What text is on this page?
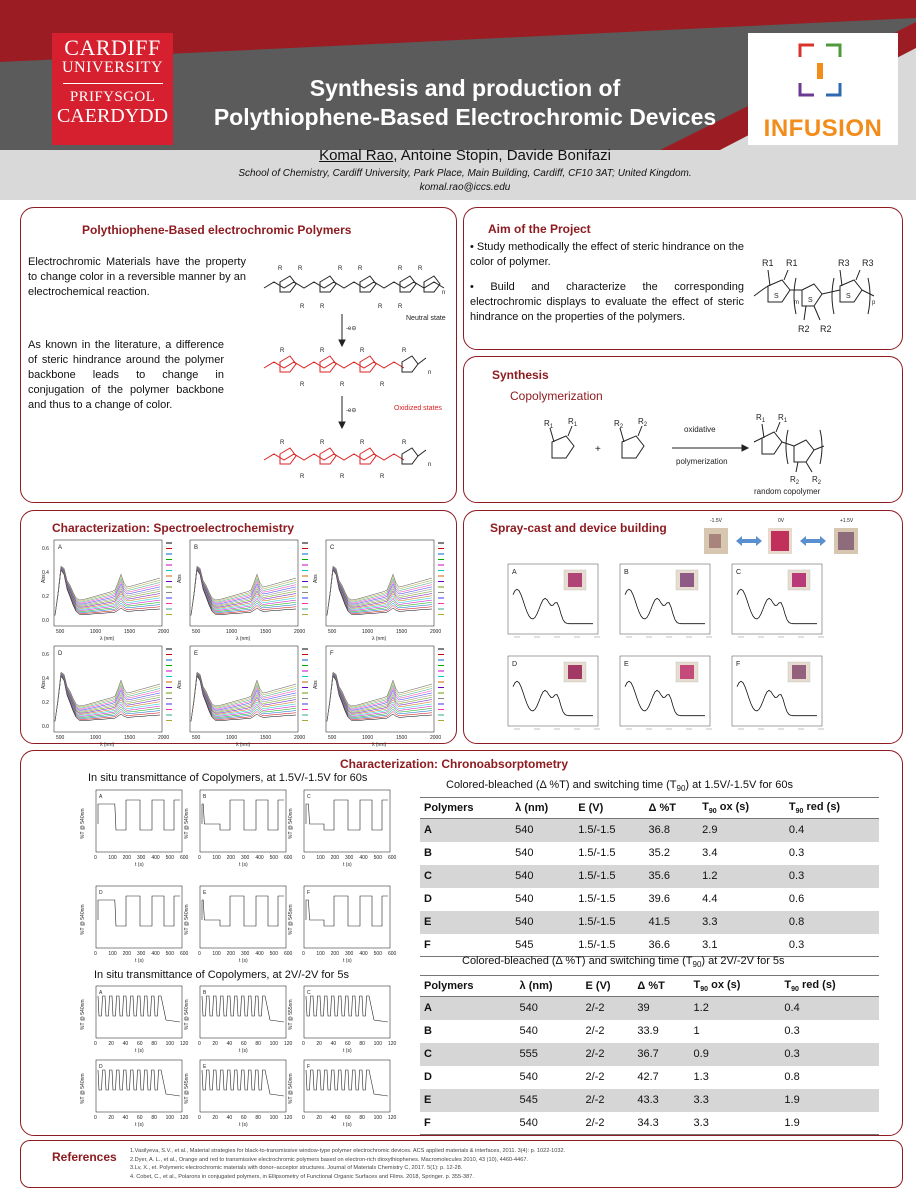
CARDIFF
UNIVERSITY
PRIFYSGOL
CAERDYDD	INFUSION
Synthesis and production of
Polythiophene-Based Electrochromic Devices
Komal Rao, Antoine Stopin, Davide Bonifazi
School of Chemistry, Cardiff University, Park Place, Main Building, Cardiff, CF10 3AT; United Kingdom.
komal.rao@iccs.edu
Polythiophene-Based electrochromic Polymers
Electrochromic Materials have the property to change color in a reversible manner by an electrochemical reaction.
As known in the literature, a difference of steric hindrance around the polymer backbone leads to change in conjugation of the polymer backbone and thus to a change of color.
R	R	R	R	R	R
R	R	R	R
n
Neutral state
-e⊖
R	R	R	R
R	R	R
n
Oxidized states
-e⊖
R	R	R	R
R	R	R
n
Aim of the Project
• Study methodically the effect of steric hindrance on the color of polymer.
• Build and characterize the corresponding electrochromic displays to evaluate the effect of steric hindrance on the properties of the polymers.
R1 R1	R3 R3
R2 R2
m	p
S
S
S
Synthesis
Copolymerization
$R_1$
$R_1$	$R_2$
$R_2$
$R_1$ $R_1$
$R_2$ $R_2$
+
oxidative
polymerization
random copolymer
Characterization: Spectroelectrochemistry
A
Abs
λ (nm)
500	1000	1500	2000
0.6
0.4
0.2
0.0
B
Abs
λ (nm)
500	1000	1500	2000
C
Abs
λ (nm)
500	1000	1500	2000
D
Abs
λ (nm)
500	1000	1500	2000
0.6
0.4
0.2
0.0
E
Abs
λ (nm)
500	1000	1500	2000
F
Abs
λ (nm)
500	1000	1500	2000
Spray-cast and device building	-1.5V	0V	+1.5V
A	B	C
D	E	F
Characterization: Chronoabsorptometry
In situ transmittance of Copolymers, at 1.5V/-1.5V for 60s
In situ transmittance of Copolymers, at 2V/-2V for 5s
A
%T @ 540nm
0 100 200 300 400 500 600
t (s)
B
%T @ 540nm
0 100 200 300 400 500 600
t (s)
C
%T @ 540nm
0 100 200 300 400 500 600
t (s)
D
%T @ 540nm
0 100 200 300 400 500 600
t (s)
E
%T @ 540nm
0 100 200 300 400 500 600
t (s)
F
%T @ 545nm
0 100 200 300 400 500 600
t (s)
A
%T @ 540nm
0 20 40 60 80 100 120
t (s)
B
%T @ 540nm
0 20 40 60 80 100 120
t (s)
C
%T @ 555nm
0 20 40 60 80 100 120
t (s)
D
%T @ 540nm
0 20 40 60 80 100 120
t (s)
E
%T @ 545nm
0 20 40 60 80 100 120
t (s)
F
%T @ 540nm
0 20 40 60 80 100 120
t (s)
Colored-bleached (Δ %T) and switching time $(T_{90})$ at 1.5V/-1.5V for 60s
Polymers	λ (nm)	E (V)	Δ %T	$T_{90}$ ox (s)	$T_{90}$ red (s)
A	540	1.5/-1.5	36.8	2.9	0.4
B	540	1.5/-1.5	35.2	3.4	0.3
C	540	1.5/-1.5	35.6	1.2	0.3
D	540	1.5/-1.5	39.6	4.4	0.6
E	540	1.5/-1.5	41.5	3.3	0.8
F	545	1.5/-1.5	36.6	3.1	0.3
Colored-bleached (Δ %T) and switching time $(T_{90})$ at 2V/-2V for 5s
Polymers	λ (nm)	E (V)	Δ %T	$T_{90}$ ox (s)	$T_{90}$ red (s)
A	540	2/-2	39	1.2	0.4
B	540	2/-2	33.9	1	0.3
C	555	2/-2	36.7	0.9	0.3
D	540	2/-2	42.7	1.3	0.8
E	545	2/-2	43.3	3.3	1.9
F	540	2/-2	34.3	3.3	1.9
References 1.Vasilyeva, S.V., et al., Material strategies for black-to-transmissive window-type polymer electrochromic devices. ACS applied materials & interfaces, 2011. 3(4): p. 1022-1032.
2.Dyer, A. L., et al., Orange and red to transmissive electrochromic polymers based on electron-rich dioxythiophenes. Macromolecules 2010, 43 (10), 4460-4467.
3.Lv, X., et. Polymeric electrochromic materials with donor–acceptor structures. Journal of Materials Chemistry C, 2017. 5(1): p. 12-28.
4. Cobet, C., et al., Polarons in conjugated polymers, in Ellipsometry of Functional Organic Surfaces and Films. 2018, Springer. p. 355-387.
